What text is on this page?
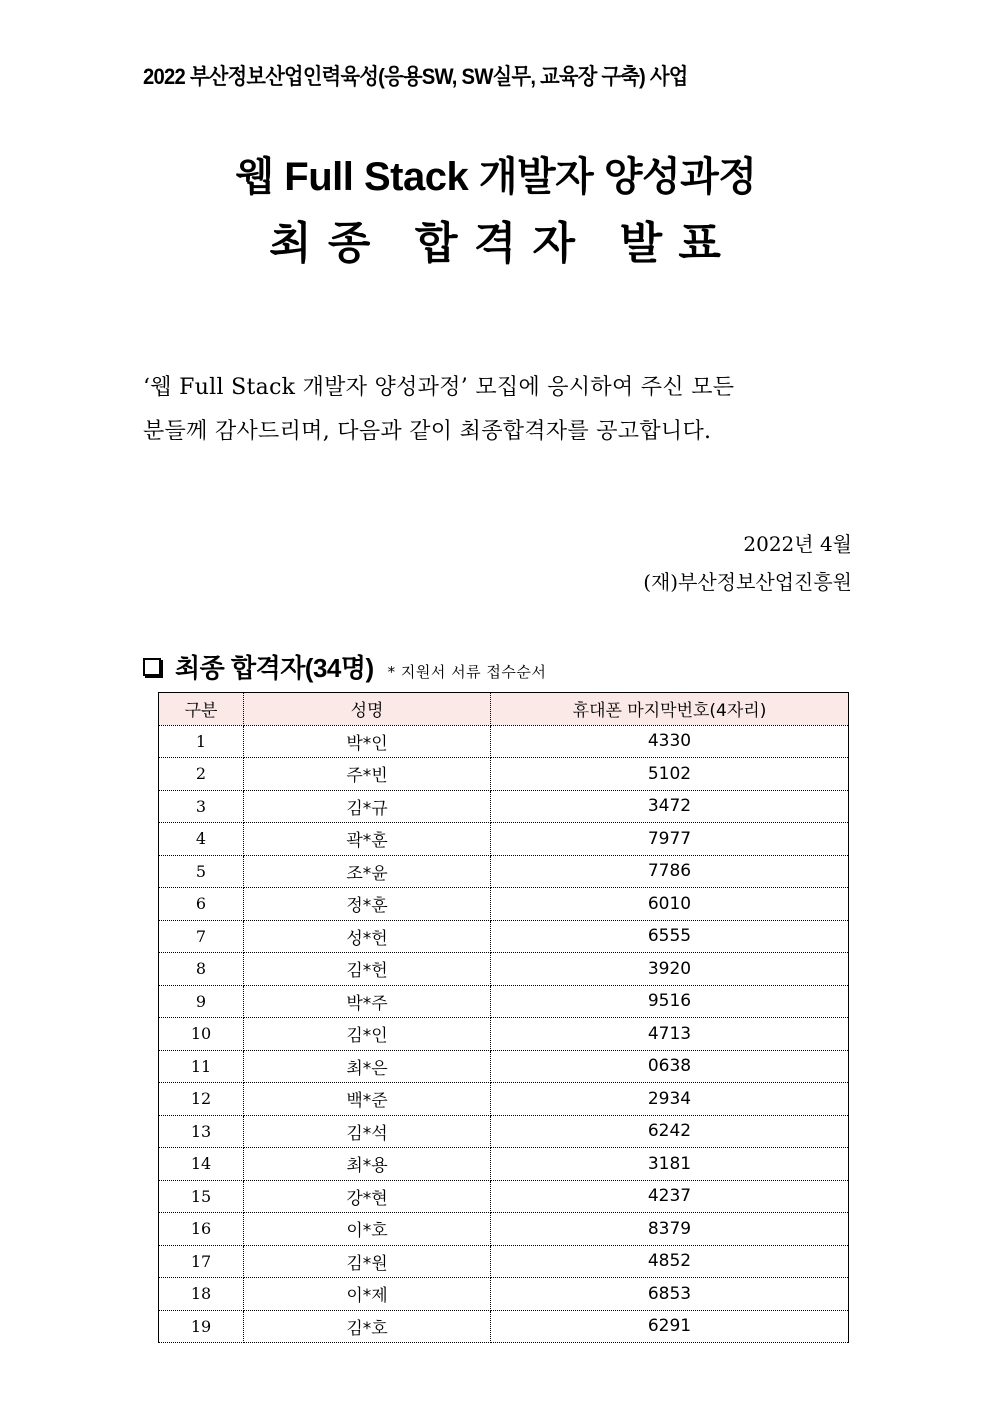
2022 부산정보산업인력육성(응용SW, SW실무, 교육장 구축) 사업
웹 Full Stack 개발자 양성과정
최 종   합 격 자   발 표

‘웹 Full Stack 개발자 양성과정’ 모집에 응시하여 주신 모든

분들께 감사드리며, 다음과 같이 최종합격자를 공고합니다.

2022년 4월
(재)부산정보산업진흥원
최종 합격자(34명) * 지원서 서류 접수순서
구분	성명	휴대폰 마지막번호(4자리)
1	박*인	4330
2	주*빈	5102
3	김*규	3472
4	곽*훈	7977
5	조*윤	7786
6	정*훈	6010
7	성*헌	6555
8	김*헌	3920
9	박*주	9516
10	김*인	4713
11	최*은	0638
12	백*준	2934
13	김*석	6242
14	최*용	3181
15	강*현	4237
16	이*호	8379
17	김*원	4852
18	이*제	6853
19	김*호	6291
